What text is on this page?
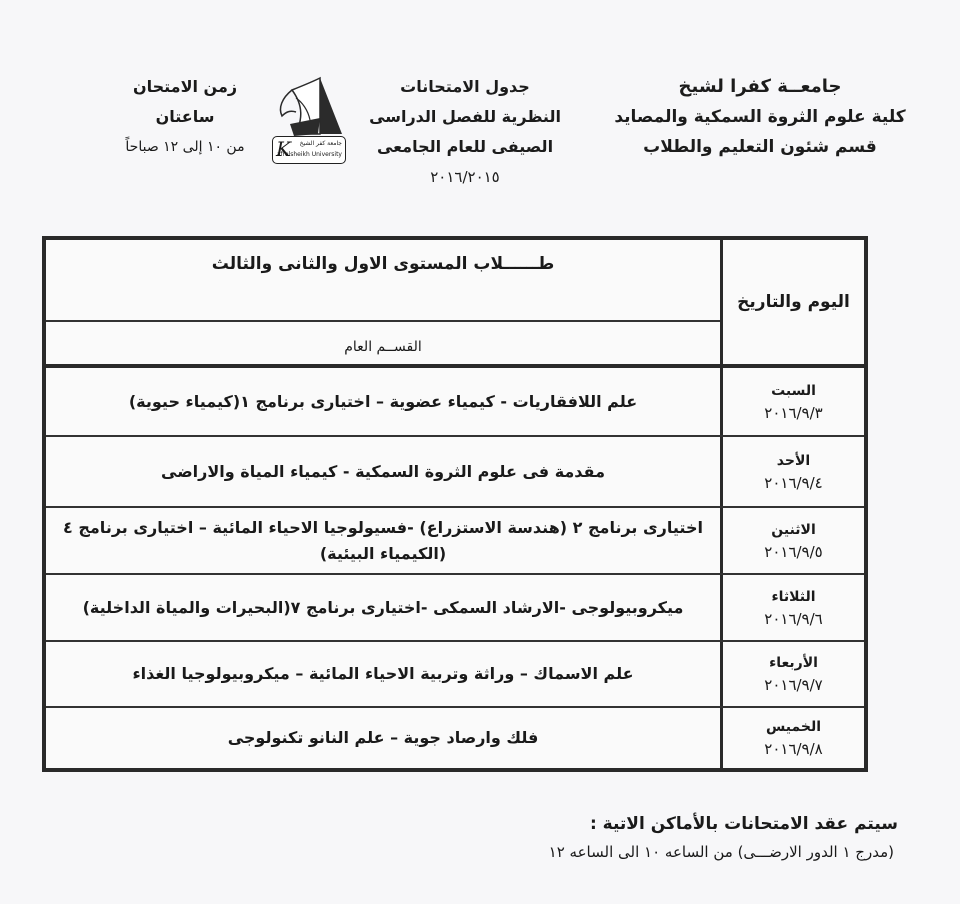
جامعــة كفرا لشيخ
كلية علوم الثروة السمكية والمصايد
قسم شئون التعليم والطلاب
جدول الامتحانات
النظرية للفصل الدراسى
الصيفى للعام الجامعى
٢٠١٦/٢٠١٥
K جامعة كفر الشيخ
afrelsheikh University
زمن الامتحان
ساعتان
من ١٠ إلى ١٢ صباحاً
طــــــلاب المستوى الاول والثانى والثالث
القســم العام
اليوم والتاريخ
علم اللافقاريات - كيمياء عضوية – اختيارى برنامج ١(كيمياء حيوية)
السبت
٢٠١٦/٩/٣
مقدمة فى علوم الثروة السمكية - كيمياء المياة والاراضى
الأحد
٢٠١٦/٩/٤
اختيارى برنامج ٢ (هندسة الاستزراع) -فسيولوجيا الاحياء المائية – اختيارى برنامج ٤ (الكيمياء البيئية)
الاثنين
٢٠١٦/٩/٥
ميكروبيولوجى -الارشاد السمكى -اختيارى برنامج ٧(البحيرات والمياة الداخلية)
الثلاثاء
٢٠١٦/٩/٦
علم الاسماك – وراثة وتربية الاحياء المائية – ميكروبيولوجيا الغذاء
الأربعاء
٢٠١٦/٩/٧
فلك وارصاد جوية – علم النانو تكنولوجى
الخميس
٢٠١٦/٩/٨
سيتم عقد الامتحانات بالأماكن الاتية :
(مدرج ١ الدور الارضـــى) من الساعه ١٠ الى الساعه ١٢
